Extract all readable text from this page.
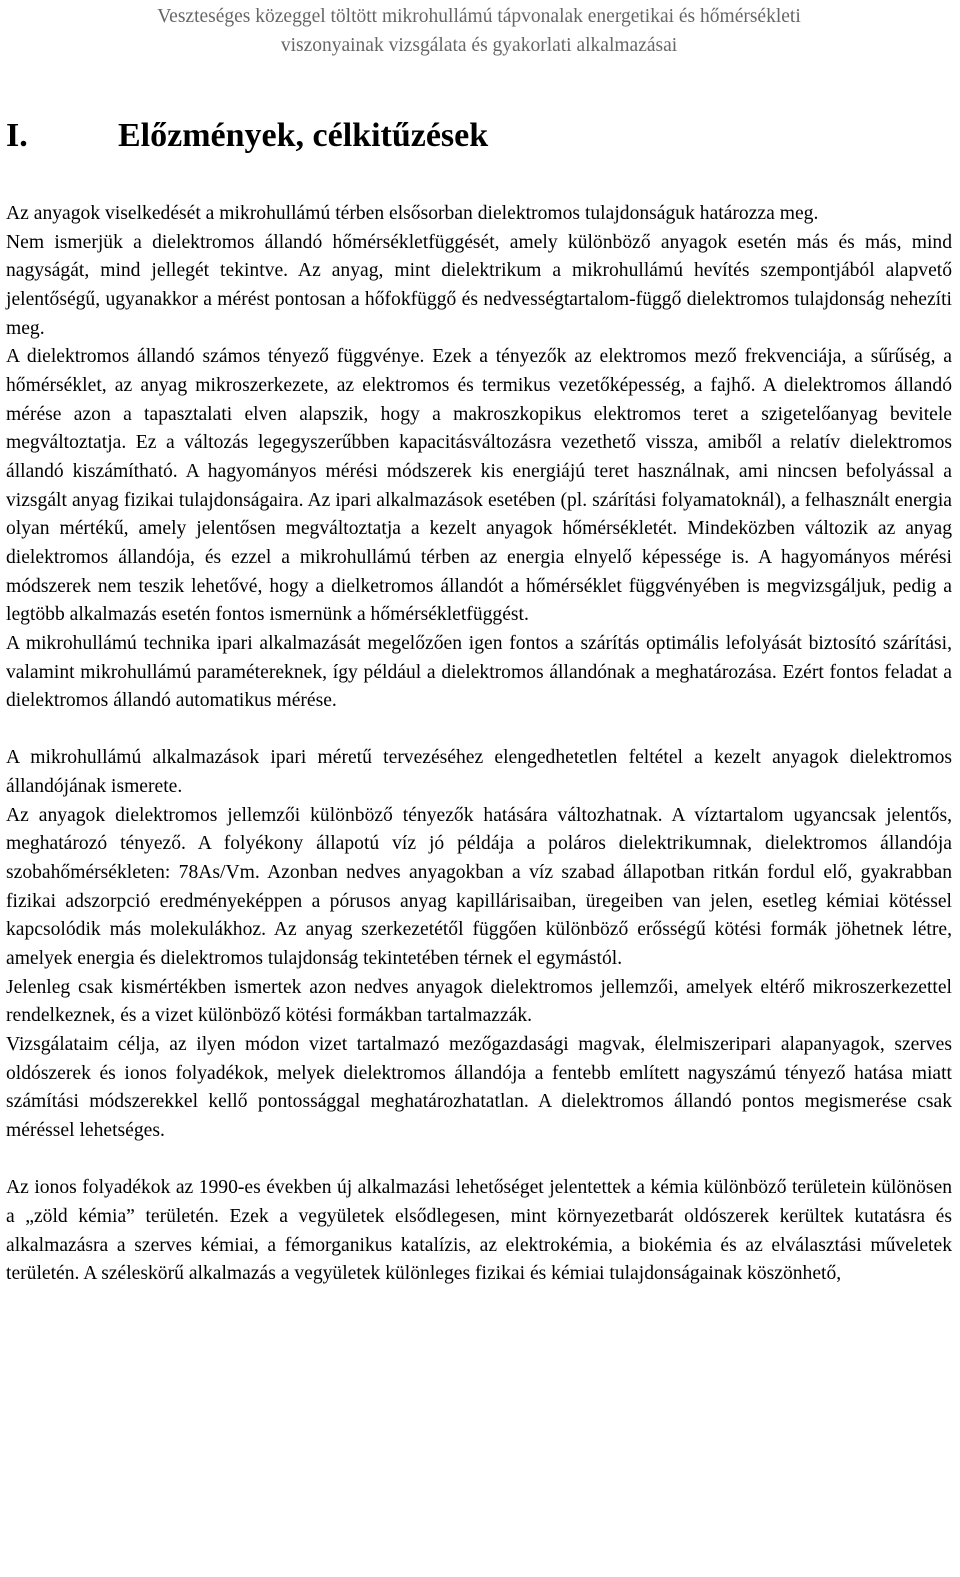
Veszteséges közeggel töltött mikrohullámú tápvonalak energetikai és hőmérsékleti
viszonyainak vizsgálata és gyakorlati alkalmazásai
I.	Előzmények, célkitűzések

Az anyagok viselkedését a mikrohullámú térben elsősorban dielektromos tulajdonságuk határozza meg.

Nem ismerjük a dielektromos állandó hőmérsékletfüggését, amely különböző anyagok esetén más és más, mind nagyságát, mind jellegét tekintve. Az anyag, mint dielektrikum a mikrohullámú hevítés szempontjából alapvető jelentőségű, ugyanakkor a mérést pontosan a hőfokfüggő és nedvességtartalom-függő dielektromos tulajdonság nehezíti meg.

A dielektromos állandó számos tényező függvénye. Ezek a tényezők az elektromos mező frekvenciája, a sűrűség, a hőmérséklet, az anyag mikroszerkezete, az elektromos és termikus vezetőképesség, a fajhő. A dielektromos állandó mérése azon a tapasztalati elven alapszik, hogy a makroszkopikus elektromos teret a szigetelőanyag bevitele megváltoztatja. Ez a változás legegyszerűbben kapacitásváltozásra vezethető vissza, amiből a relatív dielektromos állandó kiszámítható. A hagyományos mérési módszerek kis energiájú teret használnak, ami nincsen befolyással a vizsgált anyag fizikai tulajdonságaira. Az ipari alkalmazások esetében (pl. szárítási folyamatoknál), a felhasznált energia olyan mértékű, amely jelentősen megváltoztatja a kezelt anyagok hőmérsékletét. Mindeközben változik az anyag dielektromos állandója, és ezzel a mikrohullámú térben az energia elnyelő képessége is. A hagyományos mérési módszerek nem teszik lehetővé, hogy a dielketromos állandót a hőmérséklet függvényében is megvizsgáljuk, pedig a legtöbb alkalmazás esetén fontos ismernünk a hőmérsékletfüggést.

A mikrohullámú technika ipari alkalmazását megelőzően igen fontos a szárítás optimális lefolyását biztosító szárítási, valamint mikrohullámú paramétereknek, így például a dielektromos állandónak a meghatározása. Ezért fontos feladat a dielektromos állandó automatikus mérése.

A mikrohullámú alkalmazások ipari méretű tervezéséhez elengedhetetlen feltétel a kezelt anyagok dielektromos állandójának ismerete.

Az anyagok dielektromos jellemzői különböző tényezők hatására változhatnak. A víztartalom ugyancsak jelentős, meghatározó tényező. A folyékony állapotú víz jó példája a poláros dielektrikumnak, dielektromos állandója szobahőmérsékleten: 78As/Vm. Azonban nedves anyagokban a víz szabad állapotban ritkán fordul elő, gyakrabban fizikai adszorpció eredményeképpen a pórusos anyag kapillárisaiban, üregeiben van jelen, esetleg kémiai kötéssel kapcsolódik más molekulákhoz. Az anyag szerkezetétől függően különböző erősségű kötési formák jöhetnek létre, amelyek energia és dielektromos tulajdonság tekintetében térnek el egymástól.

Jelenleg csak kismértékben ismertek azon nedves anyagok dielektromos jellemzői, amelyek eltérő mikroszerkezettel rendelkeznek, és a vizet különböző kötési formákban tartalmazzák.

Vizsgálataim célja, az ilyen módon vizet tartalmazó mezőgazdasági magvak, élelmiszeripari alapanyagok, szerves oldószerek és ionos folyadékok, melyek dielektromos állandója a fentebb említett nagyszámú tényező hatása miatt számítási módszerekkel kellő pontossággal meghatározhatatlan. A dielektromos állandó pontos megismerése csak méréssel lehetséges.

Az ionos folyadékok az 1990-es években új alkalmazási lehetőséget jelentettek a kémia különböző területein különösen a „zöld kémia” területén. Ezek a vegyületek elsődlegesen, mint környezetbarát oldószerek kerültek kutatásra és alkalmazásra a szerves kémiai, a fémorganikus katalízis, az elektrokémia, a biokémia és az elválasztási műveletek területén. A széleskörű alkalmazás a vegyületek különleges fizikai és kémiai tulajdonságainak köszönhető,
